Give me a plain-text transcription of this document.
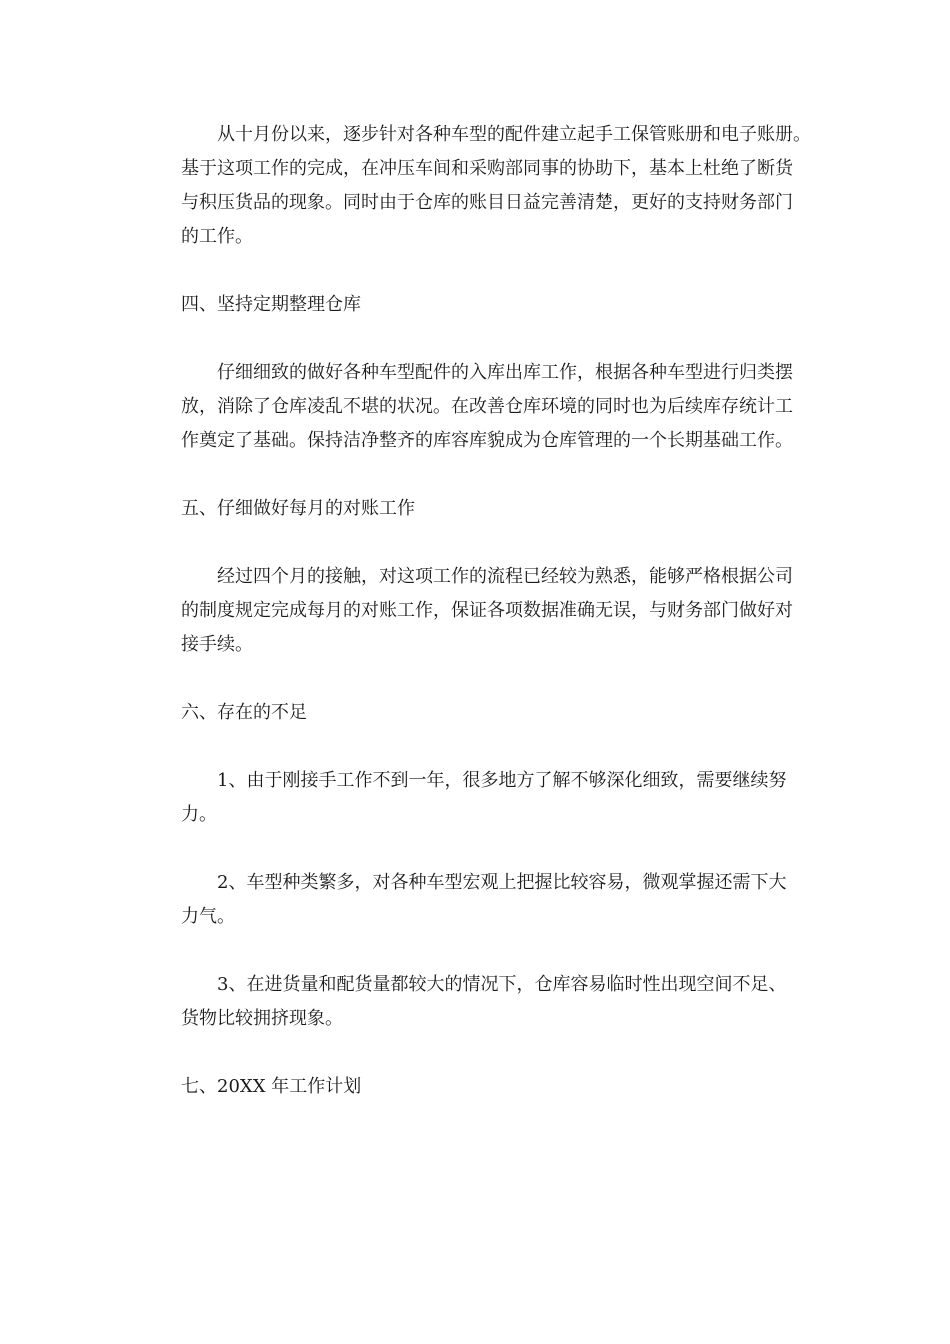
从十月份以来，逐步针对各种车型的配件建立起手工保管账册和电子账册。
基于这项工作的完成，在冲压车间和采购部同事的协助下，基本上杜绝了断货
与积压货品的现象。同时由于仓库的账目日益完善清楚，更好的支持财务部门
的工作。
四、坚持定期整理仓库
仔细细致的做好各种车型配件的入库出库工作，根据各种车型进行归类摆
放，消除了仓库凌乱不堪的状况。在改善仓库环境的同时也为后续库存统计工
作奠定了基础。保持洁净整齐的库容库貌成为仓库管理的一个长期基础工作。
五、仔细做好每月的对账工作
经过四个月的接触，对这项工作的流程已经较为熟悉，能够严格根据公司
的制度规定完成每月的对账工作，保证各项数据准确无误，与财务部门做好对
接手续。
六、存在的不足
1、由于刚接手工作不到一年，很多地方了解不够深化细致，需要继续努
力。
2、车型种类繁多，对各种车型宏观上把握比较容易，微观掌握还需下大
力气。
3、在进货量和配货量都较大的情况下，仓库容易临时性出现空间不足、
货物比较拥挤现象。
七、20XX 年工作计划
